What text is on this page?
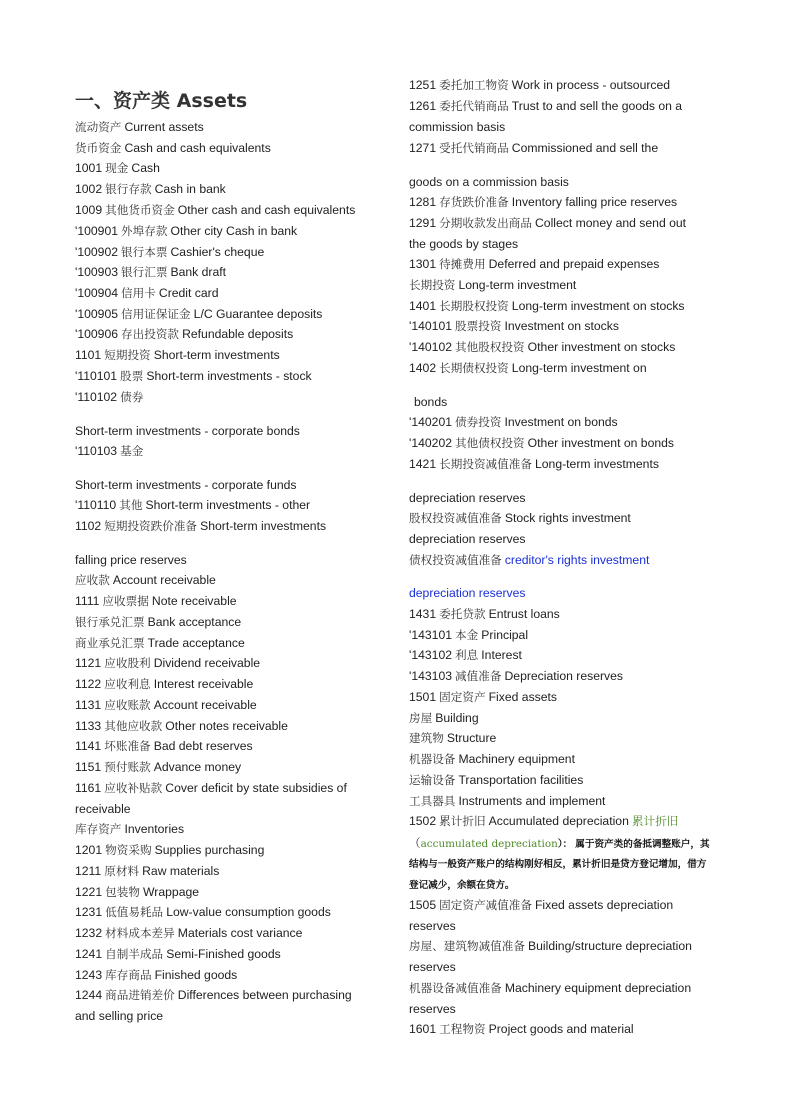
一、资产类 Assets
流动资产 Current assets
货币资金 Cash and cash equivalents
1001 现金 Cash
1002 银行存款 Cash in bank
1009 其他货币资金 Other cash and cash equivalents
'100901 外埠存款 Other city Cash in bank
'100902 银行本票 Cashier's cheque
'100903 银行汇票 Bank draft
'100904 信用卡 Credit card
'100905 信用证保证金 L/C Guarantee deposits
'100906 存出投资款 Refundable deposits
1101 短期投资 Short-term investments
'110101 股票 Short-term investments - stock
'110102 债券
Short-term investments - corporate bonds
'110103 基金
Short-term investments - corporate funds
'110110 其他 Short-term investments - other
1102 短期投资跌价准备 Short-term investments
falling price reserves
应收款 Account receivable
1111 应收票据 Note receivable
银行承兑汇票 Bank acceptance
商业承兑汇票 Trade acceptance
1121 应收股利 Dividend receivable
1122 应收利息 Interest receivable
1131 应收账款 Account receivable
1133 其他应收款 Other notes receivable
1141 坏账准备 Bad debt reserves
1151 预付账款 Advance money
1161 应收补贴款 Cover deficit by state subsidies of
receivable
库存资产 Inventories
1201 物资采购 Supplies purchasing
1211 原材料 Raw materials
1221 包装物 Wrappage
1231 低值易耗品 Low-value consumption goods
1232 材料成本差异 Materials cost variance
1241 自制半成品 Semi-Finished goods
1243 库存商品 Finished goods
1244 商品进销差价 Differences between purchasing
and selling price
1251 委托加工物资 Work in process - outsourced
1261 委托代销商品 Trust to and sell the goods on a
commission basis
1271 受托代销商品 Commissioned and sell the
goods on a commission basis
1281 存货跌价准备 Inventory falling price reserves
1291 分期收款发出商品 Collect money and send out
the goods by stages
1301 待摊费用 Deferred and prepaid expenses
长期投资 Long-term investment
1401 长期股权投资 Long-term investment on stocks
'140101 股票投资 Investment on stocks
'140102 其他股权投资 Other investment on stocks
1402 长期债权投资 Long-term investment on
bonds
'140201 债券投资 Investment on bonds
'140202 其他债权投资 Other investment on bonds
1421 长期投资减值准备 Long-term investments
depreciation reserves
股权投资减值准备 Stock rights investment
depreciation reserves
债权投资减值准备 creditor's rights investment
depreciation reserves
1431 委托贷款 Entrust loans
'143101 本金 Principal
'143102 利息 Interest
'143103 减值准备 Depreciation reserves
1501 固定资产 Fixed assets
房屋 Building
建筑物 Structure
机器设备 Machinery equipment
运输设备 Transportation facilities
工具器具 Instruments and implement
1502 累计折旧 Accumulated depreciation 累计折旧
（accumulated depreciation）： 属于资产类的备抵调整账户，其
结构与一般资产账户的结构刚好相反，累计折旧是贷方登记增加，借方
登记减少，余额在贷方。
1505 固定资产减值准备 Fixed assets depreciation
reserves
房屋、建筑物减值准备 Building/structure depreciation
reserves
机器设备减值准备 Machinery equipment depreciation
reserves
1601 工程物资 Project goods and material
